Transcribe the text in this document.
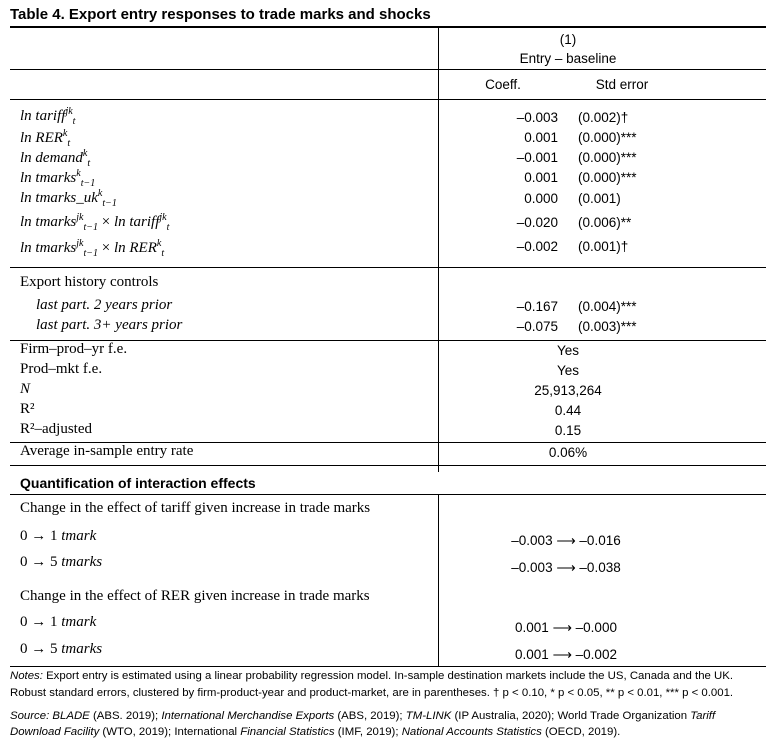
Table 4. Export entry responses to trade marks and shocks
(1)
Entry – baseline
Coeff.	Std error
ln tariff$^{jk}_t$	–0.003 (0.002)†
$\ln RER^k_t$	0.001 (0.000)***
ln demand$^k_t$	–0.001 (0.000)***
ln tmarks$^k_{t-1}$	0.001 (0.000)***
$\ln tmarks\_uk^k_{t-1}$	0.000 (0.001)
ln tmarks$^{jk}_{t-1}$ × ln tariff$^{jk}_t$	–0.020 (0.006)**
ln tmarks$^{jk}_{t-1}$ × $\ln RER^k_t$	–0.002 (0.001)†
Export history controls
last part. 2 years prior	–0.167 (0.004)***
last part. 3+ years prior	–0.075 (0.003)***
Firm–prod–yr f.e.	Yes
Prod–mkt f.e.	Yes
N	25,913,264
R²	0.44
R²–adjusted	0.15
Average in-sample entry rate	0.06%
Quantification of interaction effects
Change in the effect of tariff given increase in trade marks
0 → 1 tmark	–0.003 ⟶ –0.016
0 → 5 tmarks	–0.003 ⟶ –0.038
Change in the effect of RER given increase in trade marks
0 → 1 tmark	0.001 ⟶ –0.000
0 → 5 tmarks	0.001 ⟶ –0.002
Notes: Export entry is estimated using a linear probability regression model. In-sample destination markets include the US, Canada and the UK.
Robust standard errors, clustered by firm-product-year and product-market, are in parentheses. † p < 0.10, * p < 0.05, ** p < 0.01, *** p < 0.001.
Source: BLADE (ABS. 2019); International Merchandise Exports (ABS, 2019); TM-LINK (IP Australia, 2020); World Trade Organization Tariff
Download Facility (WTO, 2019); International Financial Statistics (IMF, 2019); National Accounts Statistics (OECD, 2019).
